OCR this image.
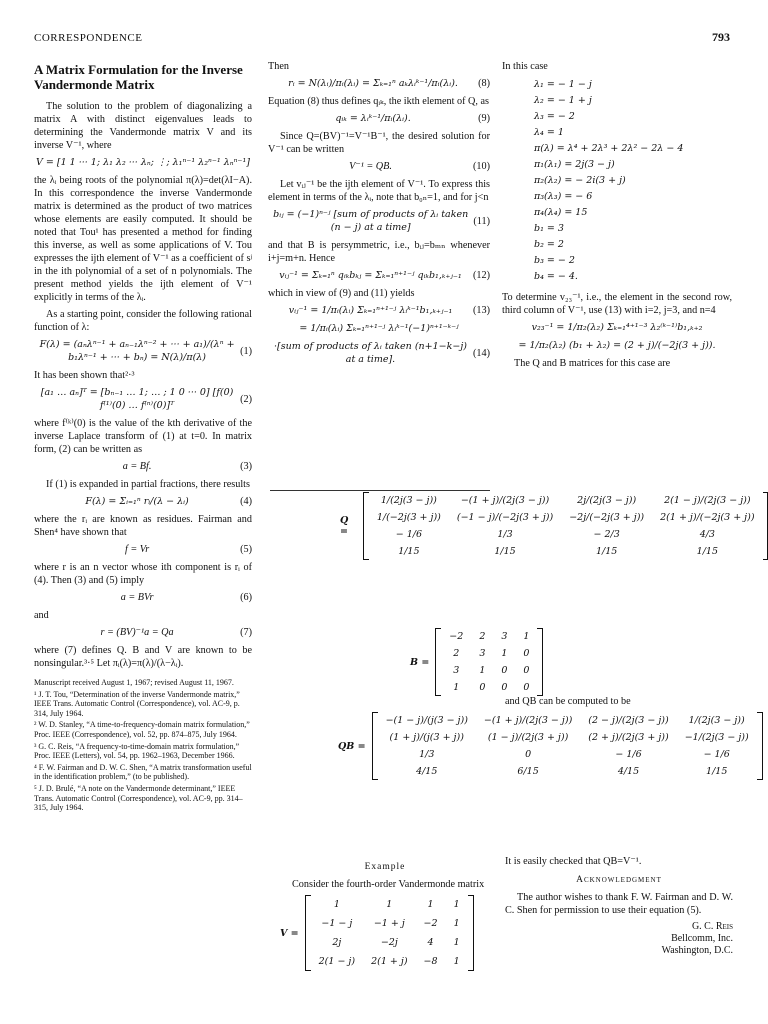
CORRESPONDENCE	793
A Matrix Formulation for the Inverse Vandermonde Matrix

The solution to the problem of diagonalizing a matrix A with distinct eigenvalues leads to determining the Vandermonde matrix V and its inverse V⁻¹, where

V = [1 1 ··· 1; λ₁ λ₂ ··· λₙ; ⋮; λ₁ⁿ⁻¹ λ₂ⁿ⁻¹ λₙⁿ⁻¹]

the λᵢ being roots of the polynomial π(λ)=det(λI−A). In this correspondence the inverse Vandermonde matrix is determined as the product of two matrices whose elements are easily computed. It should be noted that Tou¹ has presented a method for finding this inverse, as well as some applications of V. Tou expresses the ijth element of V⁻¹ as a coefficient of sʲ in the ith polynomial of a set of n polynomials. The present method yields the ijth element of V⁻¹ explicitly in terms of the λᵢ.

As a starting point, consider the following rational function of λ:

F(λ) = (aₙλⁿ⁻¹ + aₙ₋₁λⁿ⁻² + ··· + a₁)/(λⁿ + b₁λⁿ⁻¹ + ··· + bₙ) = N(λ)/π(λ)
(1)

It has been shown that²·³

[a₁ … aₙ]ᵀ = [bₙ₋₁ … 1; … ; 1 0 ··· 0] [f(0) f⁽¹⁾(0) … f⁽ⁿ⁾(0)]ᵀ
(2)

where f⁽ᵏ⁾(0) is the value of the kth derivative of the inverse Laplace transform of (1) at t=0. In matrix form, (2) can be written as

a = Bf.	(3)

If (1) is expanded in partial fractions, there results

F(λ) = Σᵢ₌₁ⁿ rᵢ/(λ − λᵢ)	(4)

where the rᵢ are known as residues. Fairman and Shen⁴ have shown that

f = Vr	(5)

where r is an n vector whose ith component is rᵢ of (4). Then (3) and (5) imply

a = BVr	(6)

and

r = (BV)⁻¹a = Qa	(7)

where (7) defines Q. B and V are known to be nonsingular.³·⁵ Let πᵢ(λ)=π(λ)/(λ−λᵢ).

Manuscript received August 1, 1967; revised August 11, 1967.

¹ J. T. Tou, “Determination of the inverse Vandermonde matrix,” IEEE Trans. Automatic Control (Correspondence), vol. AC-9, p. 314, July 1964.

² W. D. Stanley, “A time-to-frequency-domain matrix formulation,” Proc. IEEE (Correspondence), vol. 52, pp. 874–875, July 1964.

³ G. C. Reis, “A frequency-to-time-domain matrix formulation,” Proc. IEEE (Letters), vol. 54, pp. 1962–1963, December 1966.

⁴ F. W. Fairman and D. W. C. Shen, “A matrix transformation useful in the identification problem,” (to be published).

⁵ J. D. Brulé, “A note on the Vandermonde determinant,” IEEE Trans. Automatic Control (Correspondence), vol. AC-9, pp. 314–315, July 1964.

Then

rᵢ = N(λᵢ)/πᵢ(λᵢ) = Σₖ₌₁ⁿ aₖλᵢᵏ⁻¹/πᵢ(λᵢ).	(8)

Equation (8) thus defines qᵢₖ, the ikth element of Q, as

qᵢₖ = λᵢᵏ⁻¹/πᵢ(λᵢ).	(9)

Since Q=(BV)⁻¹=V⁻¹B⁻¹, the desired solution for V⁻¹ can be written

V⁻¹ = QB.	(10)

Let vᵢⱼ⁻¹ be the ijth element of V⁻¹. To express this element in terms of the λᵢ, note that b₀ₙ=1, and for j<n

bᵢⱼ = (−1)ⁿ⁻ʲ [sum of products of λᵢ taken (n − j) at a time]
(11)

and that B is persymmetric, i.e., bᵢⱼ=bₘₙ whenever i+j=m+n. Hence

vᵢⱼ⁻¹ = Σₖ₌₁ⁿ qᵢₖbₖⱼ = Σₖ₌₁ⁿ⁺¹⁻ʲ qᵢₖb₁,ₖ₊ⱼ₋₁	(12)

which in view of (9) and (11) yields

vᵢⱼ⁻¹ = 1/πᵢ(λᵢ) Σₖ₌₁ⁿ⁺¹⁻ʲ λᵢᵏ⁻¹b₁,ₖ₊ⱼ₋₁	(13)
= 1/πᵢ(λᵢ) Σₖ₌₁ⁿ⁺¹⁻ʲ λᵢᵏ⁻¹(−1)ⁿ⁺¹⁻ᵏ⁻ʲ
·[sum of products of λᵢ taken (n+1−k−j) at a time].
(14)

In this case

λ₁ = − 1 − j
λ₂ = − 1 + j
λ₃ = − 2
λ₄ = 1
π(λ) = λ⁴ + 2λ³ + 2λ² − 2λ − 4
π₁(λ₁) = 2j(3 − j)
π₂(λ₂) = − 2i(3 + j)
π₃(λ₃) = − 6
π₄(λ₄) = 15
b₁ = 3
b₂ = 2
b₃ = − 2
b₄ = − 4.

To determine v₂₃⁻¹, i.e., the element in the second row, third column of V⁻¹, use (13) with i=2, j=3, and n=4

v₂₃⁻¹ = 1/π₂(λ₂) Σₖ₌₁⁴⁺¹⁻³ λ₂⁽ᵏ⁻¹⁾b₁,ₖ₊₂
= 1/π₂(λ₂) (b₁ + λ₂) = (2 + j)/(−2j(3 + j)).

The Q and B matrices for this case are

Q =
1/(2j(3 − j))	−(1 + j)/(2j(3 − j))	2j/(2j(3 − j))	2(1 − j)/(2j(3 − j))
1/(−2j(3 + j))	(−1 − j)/(−2j(3 + j))	−2j/(−2j(3 + j))	2(1 + j)/(−2j(3 + j))
− 1/6	1/3	− 2/3	4/3
1/15	1/15	1/15	1/15
B =
−2	2	3	1
2	3	1	0
3	1	0	0
1	0	0	0
and QB can be computed to be
QB =
−(1 − j)/(j(3 − j))	−(1 + j)/(2j(3 − j))	(2 − j)/(2j(3 − j))	1/(2j(3 − j))
(1 + j)/(j(3 + j))	(1 − j)/(2j(3 + j))	(2 + j)/(2j(3 + j))	−1/(2j(3 − j))
1/3	0	− 1/6	− 1/6
4/15	6/15	4/15	1/15
Example

Consider the fourth-order Vandermonde matrix

V =
1	1	1	1
−1 − j	−1 + j	−2	1
2j	−2j	4	1
2(1 − j)	2(1 + j)	−8	1

It is easily checked that QB=V⁻¹.

Acknowledgment

The author wishes to thank F. W. Fairman and D. W. C. Shen for permission to use their equation (5).

G. C. Reis
Bellcomm, Inc.
Washington, D.C.
